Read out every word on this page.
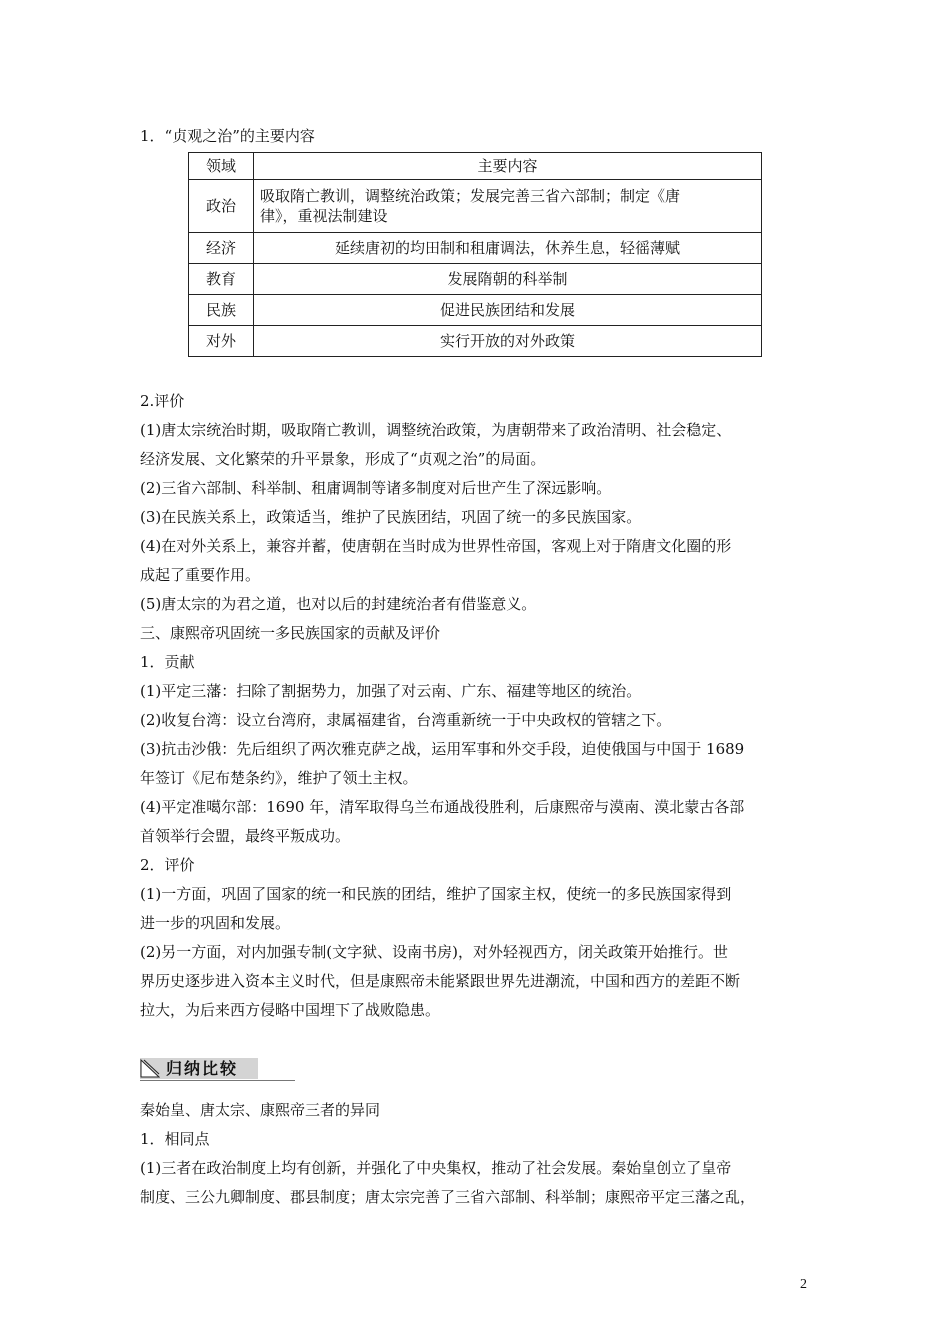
1．“贞观之治”的主要内容
领域	主要内容
政治	吸取隋亡教训，调整统治政策；发展完善三省六部制；制定《唐
律》，重视法制建设

经济	延续唐初的均田制和租庸调法，休养生息，轻徭薄赋
教育	发展隋朝的科举制
民族	促进民族团结和发展
对外	实行开放的对外政策
2.评价
(1)唐太宗统治时期，吸取隋亡教训，调整统治政策，为唐朝带来了政治清明、社会稳定、
经济发展、文化繁荣的升平景象，形成了“贞观之治”的局面。
(2)三省六部制、科举制、租庸调制等诸多制度对后世产生了深远影响。
(3)在民族关系上，政策适当，维护了民族团结，巩固了统一的多民族国家。
(4)在对外关系上，兼容并蓄，使唐朝在当时成为世界性帝国，客观上对于隋唐文化圈的形
成起了重要作用。
(5)唐太宗的为君之道，也对以后的封建统治者有借鉴意义。
三、康熙帝巩固统一多民族国家的贡献及评价
1．贡献
(1)平定三藩：扫除了割据势力，加强了对云南、广东、福建等地区的统治。
(2)收复台湾：设立台湾府，隶属福建省，台湾重新统一于中央政权的管辖之下。
(3)抗击沙俄：先后组织了两次雅克萨之战，运用军事和外交手段，迫使俄国与中国于 1689
年签订《尼布楚条约》，维护了领土主权。
(4)平定准噶尔部：1690 年，清军取得乌兰布通战役胜利，后康熙帝与漠南、漠北蒙古各部
首领举行会盟，最终平叛成功。
2．评价
(1)一方面，巩固了国家的统一和民族的团结，维护了国家主权，使统一的多民族国家得到
进一步的巩固和发展。
(2)另一方面，对内加强专制(文字狱、设南书房)，对外轻视西方，闭关政策开始推行。世
界历史逐步进入资本主义时代，但是康熙帝未能紧跟世界先进潮流，中国和西方的差距不断
拉大，为后来西方侵略中国埋下了战败隐患。
归纳比较
秦始皇、唐太宗、康熙帝三者的异同
1．相同点
(1)三者在政治制度上均有创新，并强化了中央集权，推动了社会发展。秦始皇创立了皇帝
制度、三公九卿制度、郡县制度；唐太宗完善了三省六部制、科举制；康熙帝平定三藩之乱，
2
